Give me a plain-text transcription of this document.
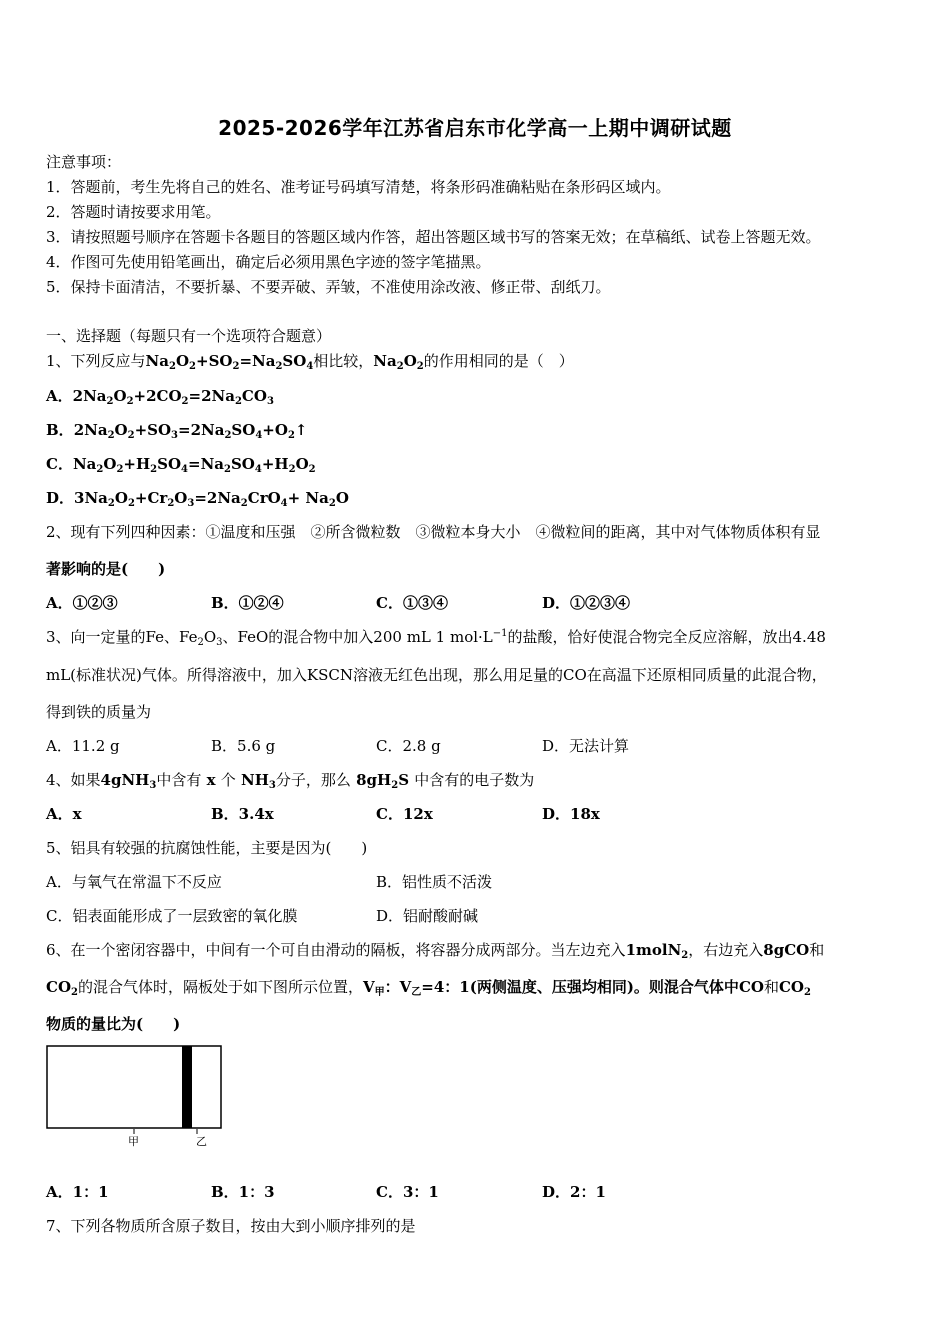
2025-2026学年江苏省启东市化学高一上期中调研试题
注意事项：
1．答题前，考生先将自己的姓名、准考证号码填写清楚，将条形码准确粘贴在条形码区域内。
2．答题时请按要求用笔。
3．请按照题号顺序在答题卡各题目的答题区域内作答，超出答题区域书写的答案无效；在草稿纸、试卷上答题无效。
4．作图可先使用铅笔画出，确定后必须用黑色字迹的签字笔描黑。
5．保持卡面清洁，不要折暴、不要弄破、弄皱，不准使用涂改液、修正带、刮纸刀。
一、选择题（每题只有一个选项符合题意）
1、下列反应与$Na_2O_2+SO_2=Na_2SO_4$相比较，$Na_2O_2$的作用相同的是（　）
A．$2Na_2O_2+2CO_2=2Na_2CO_3$
B．$2Na_2O_2+SO_3=2Na_2SO_4+O_2↑$
C．$Na_2O_2+H_2SO_4=Na_2SO_4+H_2O_2$
D．$3Na_2O_2+Cr_2O_3=2Na_2CrO_4+ Na_2O$
2、现有下列四种因素：①温度和压强　②所含微粒数　③微粒本身大小　④微粒间的距离，其中对气体物质体积有显
著影响的是(　　)
A．①②③	B．①②④	C．①③④	D．①②③④
3、向一定量的Fe、$Fe_2O_3$、FeO的混合物中加入200 mL 1 $mol\cdot L^{-1}$的盐酸，恰好使混合物完全反应溶解，放出4.48
mL(标准状况)气体。所得溶液中，加入KSCN溶液无红色出现，那么用足量的CO在高温下还原相同质量的此混合物，
得到铁的质量为
A．11.2 g	B．5.6 g	C．2.8 g	D．无法计算
4、如果4gNH$_3$中含有 x 个 $NH_3$分子，那么 $8gH_2S$ 中含有的电子数为
A．x	B．3.4x	C．12x	D．18x
5、铝具有较强的抗腐蚀性能，主要是因为(　　)
A．与氧气在常温下不反应	B．铝性质不活泼
C．铝表面能形成了一层致密的氧化膜	D．铝耐酸耐碱
6、在一个密闭容器中，中间有一个可自由滑动的隔板，将容器分成两部分。当左边充入1molN$_2$，右边充入8gCO和
$CO_2$的混合气体时，隔板处于如下图所示位置，$V_甲$：$V_乙=4$：1(两侧温度、压强均相同)。则混合气体中CO和$CO_2$
物质的量比为(　　)
甲	乙
A．1：1	B．1：3	C．3：1	D．2：1
7、下列各物质所含原子数目，按由大到小顺序排列的是
